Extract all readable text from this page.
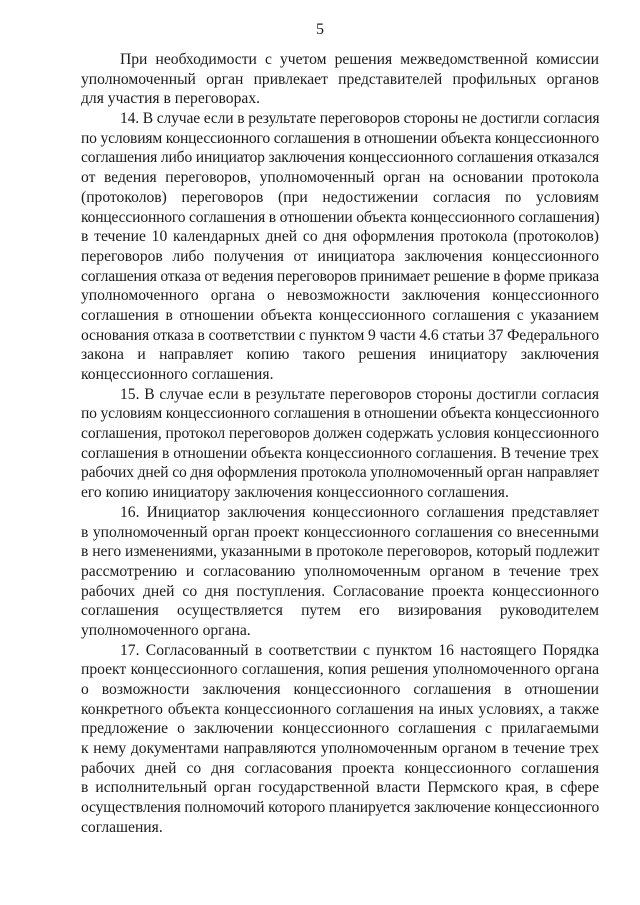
5
При необходимости с учетом решения межведомственной комиссии
уполномоченный орган привлекает представителей профильных органов
для участия в переговорах.
14. В случае если в результате переговоров стороны не достигли согласия
по условиям концессионного соглашения в отношении объекта концессионного
соглашения либо инициатор заключения концессионного соглашения отказался
от ведения переговоров, уполномоченный орган на основании протокола
(протоколов) переговоров (при недостижении согласия по условиям
концессионного соглашения в отношении объекта концессионного соглашения)
в течение 10 календарных дней со дня оформления протокола (протоколов)
переговоров либо получения от инициатора заключения концессионного
соглашения отказа от ведения переговоров принимает решение в форме приказа
уполномоченного органа о невозможности заключения концессионного
соглашения в отношении объекта концессионного соглашения с указанием
основания отказа в соответствии с пунктом 9 части 4.6 статьи 37 Федерального
закона и направляет копию такого решения инициатору заключения
концессионного соглашения.
15. В случае если в результате переговоров стороны достигли согласия
по условиям концессионного соглашения в отношении объекта концессионного
соглашения, протокол переговоров должен содержать условия концессионного
соглашения в отношении объекта концессионного соглашения. В течение трех
рабочих дней со дня оформления протокола уполномоченный орган направляет
его копию инициатору заключения концессионного соглашения.
16. Инициатор заключения концессионного соглашения представляет
в уполномоченный орган проект концессионного соглашения со внесенными
в него изменениями, указанными в протоколе переговоров, который подлежит
рассмотрению и согласованию уполномоченным органом в течение трех
рабочих дней со дня поступления. Согласование проекта концессионного
соглашения осуществляется путем его визирования руководителем
уполномоченного органа.
17. Согласованный в соответствии с пунктом 16 настоящего Порядка
проект концессионного соглашения, копия решения уполномоченного органа
о возможности заключения концессионного соглашения в отношении
конкретного объекта концессионного соглашения на иных условиях, а также
предложение о заключении концессионного соглашения с прилагаемыми
к нему документами направляются уполномоченным органом в течение трех
рабочих дней со дня согласования проекта концессионного соглашения
в исполнительный орган государственной власти Пермского края, в сфере
осуществления полномочий которого планируется заключение концессионного
соглашения.
